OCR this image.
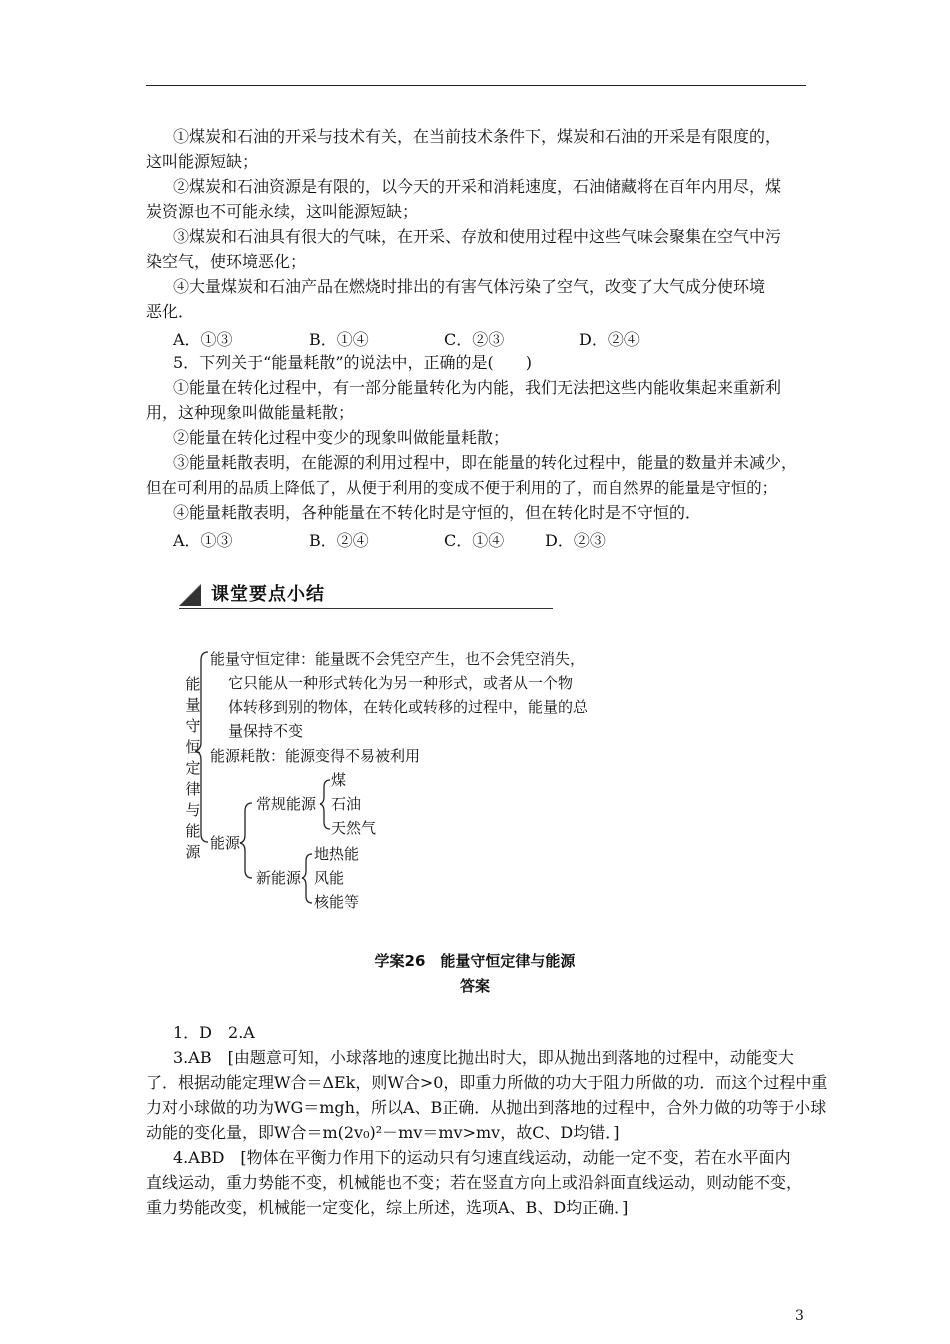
①煤炭和石油的开采与技术有关，在当前技术条件下，煤炭和石油的开采是有限度的，
这叫能源短缺；
②煤炭和石油资源是有限的，以今天的开采和消耗速度，石油储藏将在百年内用尽，煤
炭资源也不可能永续，这叫能源短缺；
③煤炭和石油具有很大的气味，在开采、存放和使用过程中这些气味会聚集在空气中污
染空气，使环境恶化；
④大量煤炭和石油产品在燃烧时排出的有害气体污染了空气，改变了大气成分使环境
恶化．
A．①③	B．①④	C．②③	D．②④
5．下列关于“能量耗散”的说法中，正确的是(　　)
①能量在转化过程中，有一部分能量转化为内能，我们无法把这些内能收集起来重新利
用，这种现象叫做能量耗散；
②能量在转化过程中变少的现象叫做能量耗散；
③能量耗散表明，在能源的利用过程中，即在能量的转化过程中，能量的数量并未减少，
但在可利用的品质上降低了，从便于利用的变成不便于利用的了，而自然界的能量是守恒的；
④能量耗散表明，各种能量在不转化时是守恒的，但在转化时是不守恒的．
A．①③	B．②④	C．①④	D．②③
课堂要点小结
能
量
守
恒
定
律
与
能
源
能量守恒定律：能量既不会凭空产生，也不会凭空消失，
它只能从一种形式转化为另一种形式，或者从一个物
体转移到别的物体，在转化或转移的过程中，能量的总
量保持不变
能源耗散：能源变得不易被利用
常规能源
煤
石油
天然气
能源
新能源
地热能
风能
核能等
学案26　能量守恒定律与能源
答案
1．D　2.A
3.AB　[由题意可知，小球落地的速度比抛出时大，即从抛出到落地的过程中，动能变大
了．根据动能定理W合＝ΔEk，则W合>0，即重力所做的功大于阻力所做的功．而这个过程中重
力对小球做的功为WG＝mgh，所以A、B正确．从抛出到落地的过程中，合外力做的功等于小球
动能的变化量，即W合＝m(2v₀)²－mv＝mv>mv，故C、D均错．]
4.ABD　[物体在平衡力作用下的运动只有匀速直线运动，动能一定不变，若在水平面内
直线运动，重力势能不变，机械能也不变；若在竖直方向上或沿斜面直线运动，则动能不变，
重力势能改变，机械能一定变化，综上所述，选项A、B、D均正确．]
3
